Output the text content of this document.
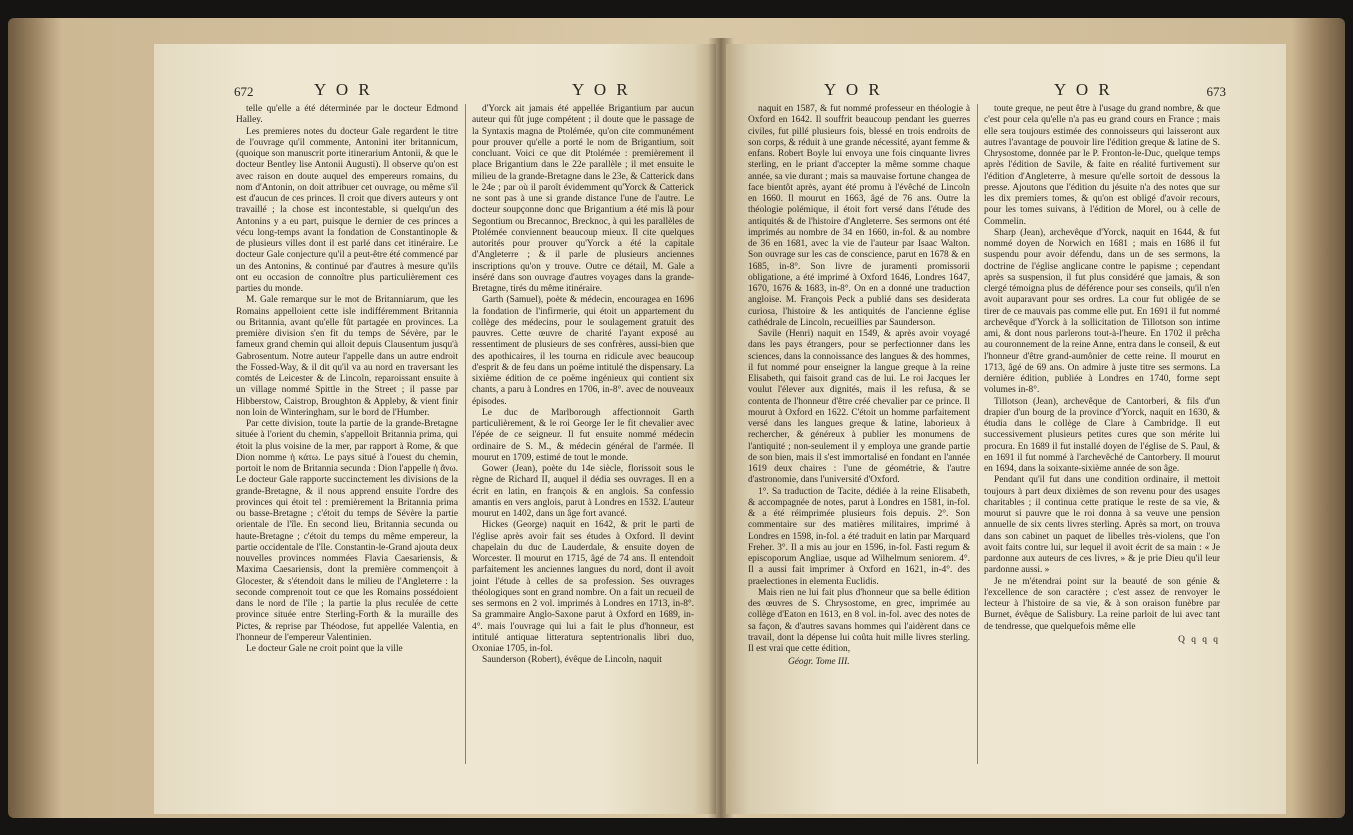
672	Y O R	Y O R

telle qu'elle a été déterminée par le docteur Edmond Halley.

Les premieres notes du docteur Gale regardent le titre de l'ouvrage qu'il commente, Antonini iter britannicum, (quoique son manuscrit porte itinerarium Antonii, & que le docteur Bentley lise Antonii Augusti). Il observe qu'on est avec raison en doute auquel des empereurs romains, du nom d'Antonin, on doit attribuer cet ouvrage, ou même s'il est d'aucun de ces princes. Il croit que divers auteurs y ont travaillé ; la chose est incontestable, si quelqu'un des Antonins y a eu part, puisque le dernier de ces princes a vécu long-temps avant la fondation de Constantinople & de plusieurs villes dont il est parlé dans cet itinéraire. Le docteur Gale conjecture qu'il a peut-être été commencé par un des Antonins, & continué par d'autres à mesure qu'ils ont eu occasion de connoître plus particulièrement ces parties du monde.

M. Gale remarque sur le mot de Britanniarum, que les Romains appelloient cette isle indifféremment Britannia ou Britannia, avant qu'elle fût partagée en provinces. La première division s'en fit du temps de Sévère, par le fameux grand chemin qui alloit depuis Clausentum jusqu'à Gabrosentum. Notre auteur l'appelle dans un autre endroit the Fossed-Way, & il dit qu'il va au nord en traversant les comtés de Leicester & de Lincoln, reparoissant ensuite à un village nommé Spittle in the Street ; il passe par Hibberstow, Caistrop, Broughton & Appleby, & vient finir non loin de Winteringham, sur le bord de l'Humber.

Par cette division, toute la partie de la grande-Bretagne située à l'orient du chemin, s'appelloit Britannia prima, qui étoit la plus voisine de la mer, par rapport à Rome, & que Dion nomme ἡ κάτω. Le pays situé à l'ouest du chemin, portoit le nom de Britannia secunda : Dion l'appelle ἡ ἄνω. Le docteur Gale rapporte succinctement les divisions de la grande-Bretagne, & il nous apprend ensuite l'ordre des provinces qui étoit tel : premièrement la Britannia prima ou basse-Bretagne ; c'étoit du temps de Sévère la partie orientale de l'île. En second lieu, Britannia secunda ou haute-Bretagne ; c'étoit du temps du même empereur, la partie occidentale de l'île. Constantin-le-Grand ajouta deux nouvelles provinces nommées Flavia Caesariensis, & Maxima Caesariensis, dont la première commençoit à Glocester, & s'étendoit dans le milieu de l'Angleterre : la seconde comprenoit tout ce que les Romains possédoient dans le nord de l'île ; la partie la plus reculée de cette province située entre Sterling-Forth & la muraille des Pictes, & reprise par Théodose, fut appellée Valentia, en l'honneur de l'empereur Valentinien.

Le docteur Gale ne croit point que la ville

d'Yorck ait jamais été appellée Brigantium par aucun auteur qui fût juge compétent ; il doute que le passage de la Syntaxis magna de Ptolémée, qu'on cite communément pour prouver qu'elle a porté le nom de Brigantium, soit concluant. Voici ce que dit Ptolémée : premièrement il place Brigantium dans le 22e parallèle ; il met ensuite le milieu de la grande-Bretagne dans le 23e, & Catterick dans le 24e ; par où il paroît évidemment qu'Yorck & Catterick ne sont pas à une si grande distance l'une de l'autre. Le docteur soupçonne donc que Brigantium a été mis là pour Segontium ou Brecannoc, Brecknoc, à qui les parallèles de Ptolémée conviennent beaucoup mieux. Il cite quelques autorités pour prouver qu'Yorck a été la capitale d'Angleterre ; & il parle de plusieurs anciennes inscriptions qu'on y trouve. Outre ce détail, M. Gale a inséré dans son ouvrage d'autres voyages dans la grande-Bretagne, tirés du même itinéraire.

Garth (Samuel), poète & médecin, encouragea en 1696 la fondation de l'infirmerie, qui étoit un appartement du collège des médecins, pour le soulagement gratuit des pauvres. Cette œuvre de charité l'ayant exposé au ressentiment de plusieurs de ses confrères, aussi-bien que des apothicaires, il les tourna en ridicule avec beaucoup d'esprit & de feu dans un poëme intitulé the dispensary. La sixième édition de ce poëme ingénieux qui contient six chants, a paru à Londres en 1706, in-8°. avec de nouveaux épisodes.

Le duc de Marlborough affectionnoit Garth particulièrement, & le roi George Ier le fit chevalier avec l'épée de ce seigneur. Il fut ensuite nommé médecin ordinaire de S. M., & médecin général de l'armée. Il mourut en 1709, estimé de tout le monde.

Gower (Jean), poète du 14e siècle, florissoit sous le règne de Richard II, auquel il dédia ses ouvrages. Il en a écrit en latin, en françois & en anglois. Sa confessio amantis en vers anglois, parut à Londres en 1532. L'auteur mourut en 1402, dans un âge fort avancé.

Hickes (George) naquit en 1642, & prit le parti de l'église après avoir fait ses études à Oxford. Il devint chapelain du duc de Lauderdale, & ensuite doyen de Worcester. Il mourut en 1715, âgé de 74 ans. Il entendoit parfaitement les anciennes langues du nord, dont il avoit joint l'étude à celles de sa profession. Ses ouvrages théologiques sont en grand nombre. On a fait un recueil de ses sermons en 2 vol. imprimés à Londres en 1713, in-8°. Sa grammaire Anglo-Saxone parut à Oxford en 1689, in-4°. mais l'ouvrage qui lui a fait le plus d'honneur, est intitulé antiquae litteratura septentrionalis libri duo, Oxoniae 1705, in-fol.

Saunderson (Robert), évêque de Lincoln, naquit

Y O R	Y O R	673

naquit en 1587, & fut nommé professeur en théologie à Oxford en 1642. Il souffrit beaucoup pendant les guerres civiles, fut pillé plusieurs fois, blessé en trois endroits de son corps, & réduit à une grande nécessité, ayant femme & enfans. Robert Boyle lui envoya une fois cinquante livres sterling, en le priant d'accepter la même somme chaque année, sa vie durant ; mais sa mauvaise fortune changea de face bientôt après, ayant été promu à l'évêché de Lincoln en 1660. Il mourut en 1663, âgé de 76 ans. Outre la théologie polémique, il étoit fort versé dans l'étude des antiquités & de l'histoire d'Angleterre. Ses sermons ont été imprimés au nombre de 34 en 1660, in-fol. & au nombre de 36 en 1681, avec la vie de l'auteur par Isaac Walton. Son ouvrage sur les cas de conscience, parut en 1678 & en 1685, in-8°. Son livre de juramenti promissorii obligatione, a été imprimé à Oxford 1646, Londres 1647, 1670, 1676 & 1683, in-8°. On en a donné une traduction angloise. M. François Peck a publié dans ses desiderata curiosa, l'histoire & les antiquités de l'ancienne église cathédrale de Lincoln, recueillies par Saunderson.

Savile (Henri) naquit en 1549, & après avoir voyagé dans les pays étrangers, pour se perfectionner dans les sciences, dans la connoissance des langues & des hommes, il fut nommé pour enseigner la langue greque à la reine Elisabeth, qui faisoit grand cas de lui. Le roi Jacques Ier voulut l'élever aux dignités, mais il les refusa, & se contenta de l'honneur d'être créé chevalier par ce prince. Il mourut à Oxford en 1622. C'étoit un homme parfaitement versé dans les langues greque & latine, laborieux à rechercher, & généreux à publier les monumens de l'antiquité ; non-seulement il y employa une grande partie de son bien, mais il s'est immortalisé en fondant en l'année 1619 deux chaires : l'une de géométrie, & l'autre d'astronomie, dans l'université d'Oxford.

1°. Sa traduction de Tacite, dédiée à la reine Elisabeth, & accompagnée de notes, parut à Londres en 1581, in-fol. & a été réimprimée plusieurs fois depuis. 2°. Son commentaire sur des matières militaires, imprimé à Londres en 1598, in-fol. a été traduit en latin par Marquard Freher. 3°. Il a mis au jour en 1596, in-fol. Fasti regum & episcoporum Angliae, usque ad Wilhelmum seniorem. 4°. Il a aussi fait imprimer à Oxford en 1621, in-4°. des praelectiones in elementa Euclidis.

Mais rien ne lui fait plus d'honneur que sa belle édition des œuvres de S. Chrysostome, en grec, imprimée au collège d'Eaton en 1613, en 8 vol. in-fol. avec des notes de sa façon, & d'autres savans hommes qui l'aidèrent dans ce travail, dont la dépense lui coûta huit mille livres sterling. Il est vrai que cette édition,

Géogr. Tome III.

toute greque, ne peut être à l'usage du grand nombre, & que c'est pour cela qu'elle n'a pas eu grand cours en France ; mais elle sera toujours estimée des connoisseurs qui laisseront aux autres l'avantage de pouvoir lire l'édition greque & latine de S. Chrysostome, donnée par le P. Fronton-le-Duc, quelque temps après l'édition de Savile, & faite en réalité furtivement sur l'édition d'Angleterre, à mesure qu'elle sortoit de dessous la presse. Ajoutons que l'édition du jésuite n'a des notes que sur les dix premiers tomes, & qu'on est obligé d'avoir recours, pour les tomes suivans, à l'édition de Morel, ou à celle de Commelin.

Sharp (Jean), archevêque d'Yorck, naquit en 1644, & fut nommé doyen de Norwich en 1681 ; mais en 1686 il fut suspendu pour avoir défendu, dans un de ses sermons, la doctrine de l'église anglicane contre le papisme ; cependant après sa suspension, il fut plus considéré que jamais, & son clergé témoigna plus de déférence pour ses conseils, qu'il n'en avoit auparavant pour ses ordres. La cour fut obligée de se tirer de ce mauvais pas comme elle put. En 1691 il fut nommé archevêque d'Yorck à la sollicitation de Tillotson son intime ami, & dont nous parlerons tout-à-l'heure. En 1702 il prêcha au couronnement de la reine Anne, entra dans le conseil, & eut l'honneur d'être grand-aumônier de cette reine. Il mourut en 1713, âgé de 69 ans. On admire à juste titre ses sermons. La dernière édition, publiée à Londres en 1740, forme sept volumes in-8°.

Tillotson (Jean), archevêque de Cantorberi, & fils d'un drapier d'un bourg de la province d'Yorck, naquit en 1630, & étudia dans le collège de Clare à Cambridge. Il eut successivement plusieurs petites cures que son mérite lui procura. En 1689 il fut installé doyen de l'église de S. Paul, & en 1691 il fut nommé à l'archevêché de Cantorbery. Il mourut en 1694, dans la soixante-sixième année de son âge.

Pendant qu'il fut dans une condition ordinaire, il mettoit toujours à part deux dixièmes de son revenu pour des usages charitables ; il continua cette pratique le reste de sa vie, & mourut si pauvre que le roi donna à sa veuve une pension annuelle de six cents livres sterling. Après sa mort, on trouva dans son cabinet un paquet de libelles très-violens, que l'on avoit faits contre lui, sur lequel il avoit écrit de sa main : « Je pardonne aux auteurs de ces livres, » & je prie Dieu qu'il leur pardonne aussi. »

Je ne m'étendrai point sur la beauté de son génie & l'excellence de son caractère ; c'est assez de renvoyer le lecteur à l'histoire de sa vie, & à son oraison funèbre par Burnet, évêque de Salisbury. La reine parloit de lui avec tant de tendresse, que quelquefois même elle

Q q q q
